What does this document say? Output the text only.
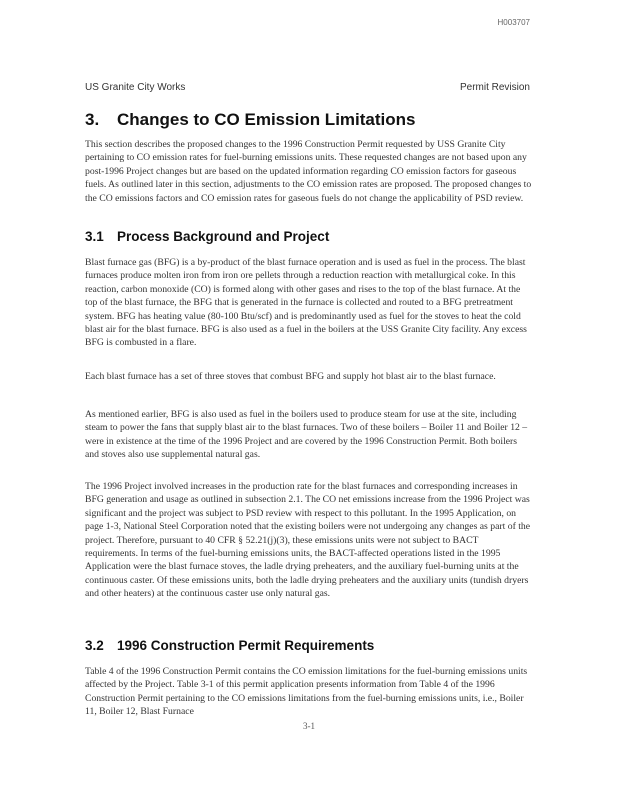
H003707
US Granite City Works	Permit Revision
3. Changes to CO Emission Limitations

This section describes the proposed changes to the 1996 Construction Permit requested by USS Granite City pertaining to CO emission rates for fuel-burning emissions units. These requested changes are not based upon any post-1996 Project changes but are based on the updated information regarding CO emission factors for gaseous fuels. As outlined later in this section, adjustments to the CO emission rates are proposed. The proposed changes to the CO emissions factors and CO emission rates for gaseous fuels do not change the applicability of PSD review.

3.1 Process Background and Project

Blast furnace gas (BFG) is a by-product of the blast furnace operation and is used as fuel in the process. The blast furnaces produce molten iron from iron ore pellets through a reduction reaction with metallurgical coke. In this reaction, carbon monoxide (CO) is formed along with other gases and rises to the top of the blast furnace. At the top of the blast furnace, the BFG that is generated in the furnace is collected and routed to a BFG pretreatment system. BFG has heating value (80-100 Btu/scf) and is predominantly used as fuel for the stoves to heat the cold blast air for the blast furnace. BFG is also used as a fuel in the boilers at the USS Granite City facility. Any excess BFG is combusted in a flare.

Each blast furnace has a set of three stoves that combust BFG and supply hot blast air to the blast furnace.

As mentioned earlier, BFG is also used as fuel in the boilers used to produce steam for use at the site, including steam to power the fans that supply blast air to the blast furnaces. Two of these boilers – Boiler 11 and Boiler 12 – were in existence at the time of the 1996 Project and are covered by the 1996 Construction Permit. Both boilers and stoves also use supplemental natural gas.

The 1996 Project involved increases in the production rate for the blast furnaces and corresponding increases in BFG generation and usage as outlined in subsection 2.1. The CO net emissions increase from the 1996 Project was significant and the project was subject to PSD review with respect to this pollutant. In the 1995 Application, on page 1-3, National Steel Corporation noted that the existing boilers were not undergoing any changes as part of the project. Therefore, pursuant to 40 CFR § 52.21(j)(3), these emissions units were not subject to BACT requirements. In terms of the fuel-burning emissions units, the BACT-affected operations listed in the 1995 Application were the blast furnace stoves, the ladle drying preheaters, and the auxiliary fuel-burning units at the continuous caster. Of these emissions units, both the ladle drying preheaters and the auxiliary units (tundish dryers and other heaters) at the continuous caster use only natural gas.

3.2 1996 Construction Permit Requirements

Table 4 of the 1996 Construction Permit contains the CO emission limitations for the fuel-burning emissions units affected by the Project. Table 3-1 of this permit application presents information from Table 4 of the 1996 Construction Permit pertaining to the CO emissions limitations from the fuel-burning emissions units, i.e., Boiler 11, Boiler 12, Blast Furnace

3-1
